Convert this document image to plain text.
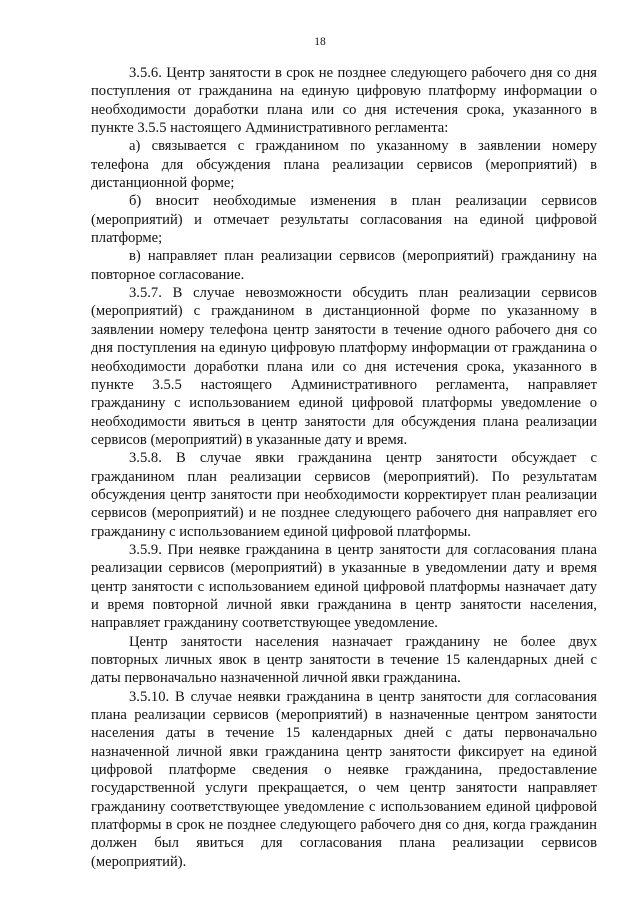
18

3.5.6. Центр занятости в срок не позднее следующего рабочего дня со дня поступления от гражданина на единую цифровую платформу информации о необходимости доработки плана или со дня истечения срока, указанного в пункте 3.5.5 настоящего Административного регламента:

а) связывается с гражданином по указанному в заявлении номеру телефона для обсуждения плана реализации сервисов (мероприятий) в дистанционной форме;

б) вносит необходимые изменения в план реализации сервисов (мероприятий) и отмечает результаты согласования на единой цифровой платформе;

в) направляет план реализации сервисов (мероприятий) гражданину на повторное согласование.

3.5.7. В случае невозможности обсудить план реализации сервисов (мероприятий) с гражданином в дистанционной форме по указанному в заявлении номеру телефона центр занятости в течение одного рабочего дня со дня поступления на единую цифровую платформу информации от гражданина о необходимости доработки плана или со дня истечения срока, указанного в пункте 3.5.5 настоящего Административного регламента, направляет гражданину с использованием единой цифровой платформы уведомление о необходимости явиться в центр занятости для обсуждения плана реализации сервисов (мероприятий) в указанные дату и время.

3.5.8. В случае явки гражданина центр занятости обсуждает с гражданином план реализации сервисов (мероприятий). По результатам обсуждения центр занятости при необходимости корректирует план реализации сервисов (мероприятий) и не позднее следующего рабочего дня направляет его гражданину с использованием единой цифровой платформы.

3.5.9. При неявке гражданина в центр занятости для согласования плана реализации сервисов (мероприятий) в указанные в уведомлении дату и время центр занятости с использованием единой цифровой платформы назначает дату и время повторной личной явки гражданина в центр занятости населения, направляет гражданину соответствующее уведомление.

Центр занятости населения назначает гражданину не более двух повторных личных явок в центр занятости в течение 15 календарных дней с даты первоначально назначенной личной явки гражданина.

3.5.10. В случае неявки гражданина в центр занятости для согласования плана реализации сервисов (мероприятий) в назначенные центром занятости населения даты в течение 15 календарных дней с даты первоначально назначенной личной явки гражданина центр занятости фиксирует на единой цифровой платформе сведения о неявке гражданина, предоставление государственной услуги прекращается, о чем центр занятости направляет гражданину соответствующее уведомление с использованием единой цифровой платформы в срок не позднее следующего рабочего дня со дня, когда гражданин должен был явиться для согласования плана реализации сервисов (мероприятий).
